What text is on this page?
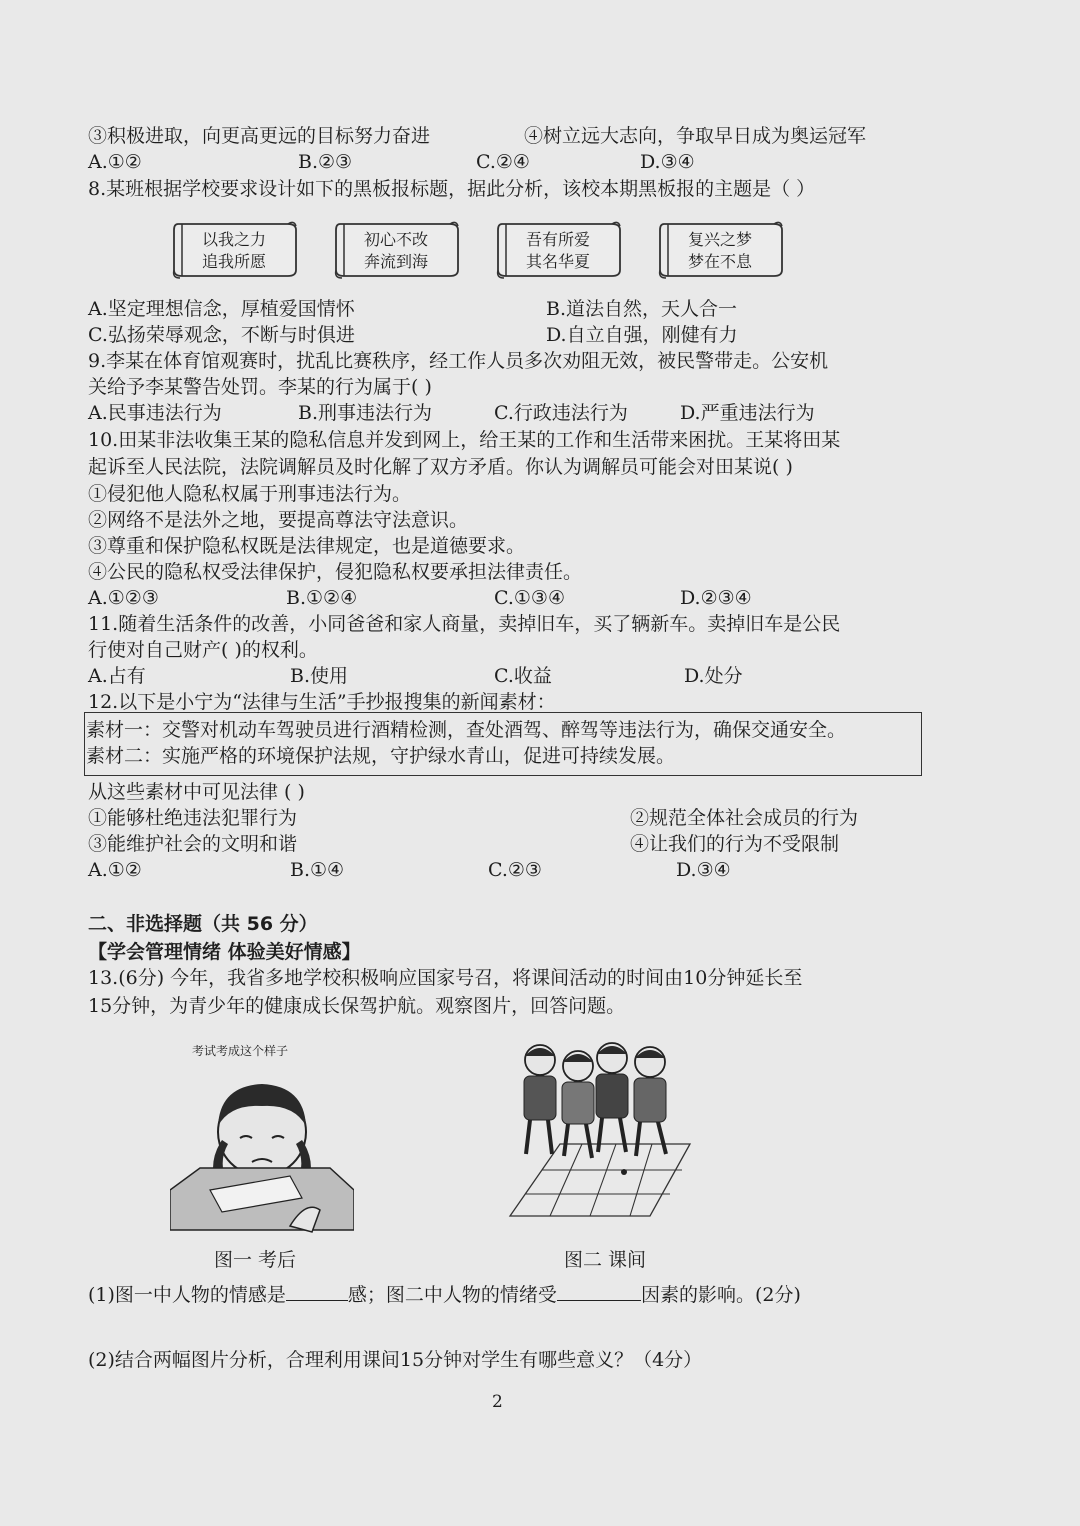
③积极进取，向更高更远的目标努力奋进	④树立远大志向，争取早日成为奥运冠军
A.①②	B.②③	C.②④	D.③④
8.某班根据学校要求设计如下的黑板报标题，据此分析，该校本期黑板报的主题是（ ）
以我之力
追我所愿
初心不改
奔流到海
吾有所爱
其名华夏
复兴之梦
梦在不息
A.坚定理想信念，厚植爱国情怀	B.道法自然，天人合一
C.弘扬荣辱观念，不断与时俱进	D.自立自强，刚健有力
9.李某在体育馆观赛时，扰乱比赛秩序，经工作人员多次劝阻无效，被民警带走。公安机
关给予李某警告处罚。李某的行为属于( )
A.民事违法行为	B.刑事违法行为	C.行政违法行为	D.严重违法行为
10.田某非法收集王某的隐私信息并发到网上，给王某的工作和生活带来困扰。王某将田某
起诉至人民法院，法院调解员及时化解了双方矛盾。你认为调解员可能会对田某说( )
①侵犯他人隐私权属于刑事违法行为。
②网络不是法外之地，要提高尊法守法意识。
③尊重和保护隐私权既是法律规定，也是道德要求。
④公民的隐私权受法律保护，侵犯隐私权要承担法律责任。
A.①②③	B.①②④	C.①③④	D.②③④
11.随着生活条件的改善，小同爸爸和家人商量，卖掉旧车，买了辆新车。卖掉旧车是公民
行使对自己财产( )的权利。
A.占有	B.使用	C.收益	D.处分
12.以下是小宁为“法律与生活”手抄报搜集的新闻素材：
素材一：交警对机动车驾驶员进行酒精检测，查处酒驾、醉驾等违法行为，确保交通安全。
素材二：实施严格的环境保护法规，守护绿水青山，促进可持续发展。
从这些素材中可见法律 ( )
①能够杜绝违法犯罪行为	②规范全体社会成员的行为
③能维护社会的文明和谐	④让我们的行为不受限制
A.①②	B.①④	C.②③	D.③④
二、非选择题（共 56 分）
【学会管理情绪 体验美好情感】
13.(6分) 今年，我省多地学校积极响应国家号召，将课间活动的时间由10分钟延长至
15分钟，为青少年的健康成长保驾护航。观察图片，回答问题。
考试考成这个样子
图一 考后	图二 课间
(1)图一中人物的情感是	感；图二中人物的情绪受	因素的影响。(2分)
(2)结合两幅图片分析，合理利用课间15分钟对学生有哪些意义？（4分）
2
